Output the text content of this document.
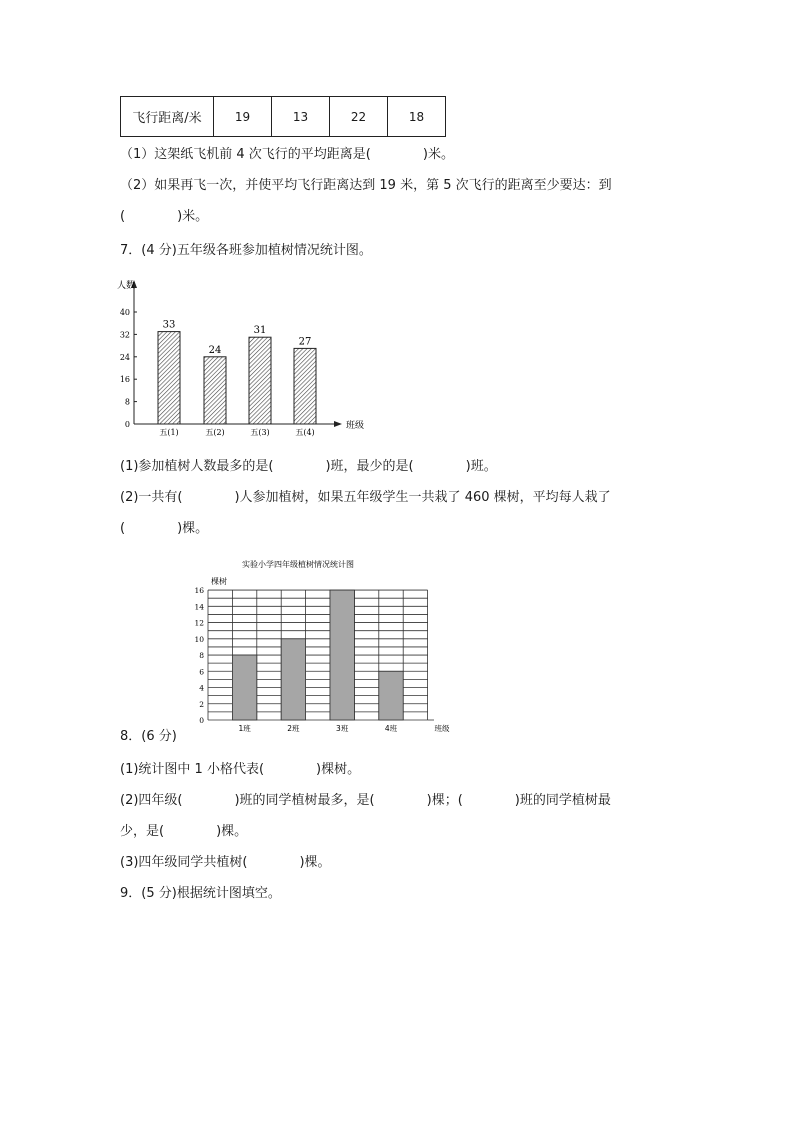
飞行距离/米	19	13	22	18
（1）这架纸飞机前 4 次飞行的平均距离是(　　　　)米。
（2）如果再飞一次，并使平均飞行距离达到 19 米，第 5 次飞行的距离至少要达：到
(　　　　)米。
7．(4 分)五年级各班参加植树情况统计图。
人数
班级
0
8
16
24
32
40
33
五(1)
24
五(2)
31
五(3)
27
五(4)
(1)参加植树人数最多的是(　　　　)班，最少的是(　　　　)班。
(2)一共有(　　　　)人参加植树，如果五年级学生一共栽了 460 棵树，平均每人栽了
(　　　　)棵。
实验小学四年级植树情况统计图
棵树
0
2
4
6
8
10
12
14
16
1班	2班	3班	4班	班级
8．(6 分)
(1)统计图中 1 小格代表(　　　　)棵树。
(2)四年级(　　　　)班的同学植树最多，是(　　　　)棵；(　　　　)班的同学植树最
少，是(　　　　)棵。
(3)四年级同学共植树(　　　　)棵。
9．(5 分)根据统计图填空。
